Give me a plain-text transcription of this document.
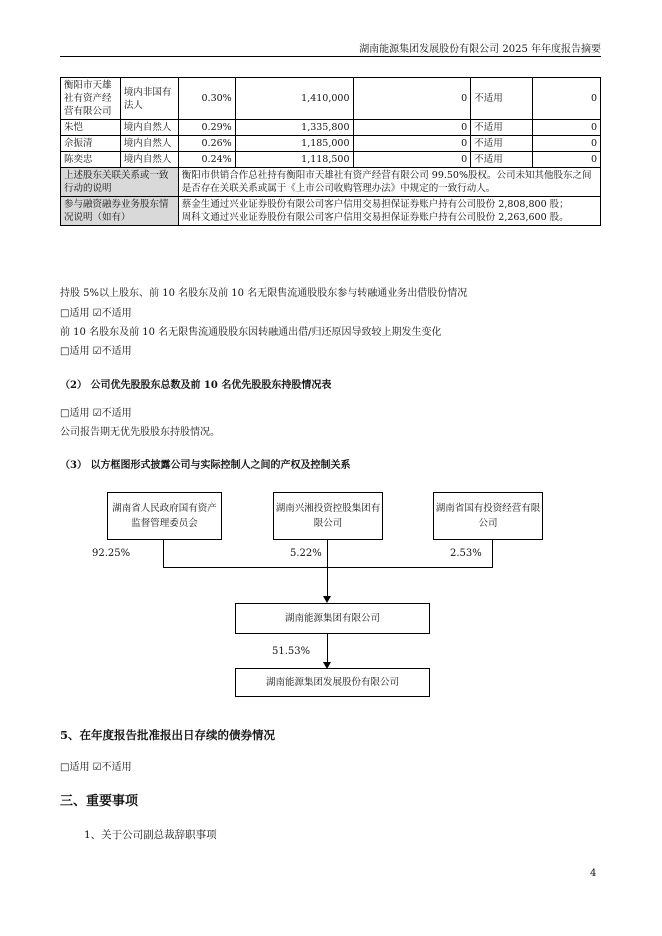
湖南能源集团发展股份有限公司 2025 年年度报告摘要
衡阳市天雄社有资产经营有限公司	境内非国有法人	0.30%	1,410,000	0	不适用	0
朱恺	境内自然人	0.29%	1,335,800	0	不适用	0
佘振清	境内自然人	0.26%	1,185,000	0	不适用	0
陈奕忠	境内自然人	0.24%	1,118,500	0	不适用	0
上述股东关联关系或一致行动的说明		衡阳市供销合作总社持有衡阳市天雄社有资产经营有限公司 99.50%股权。公司未知其他股东之间是否存在关联关系或属于《上市公司收购管理办法》中规定的一致行动人。				
参与融资融券业务股东情况说明（如有）		蔡金生通过兴业证券股份有限公司客户信用交易担保证券账户持有公司股份 2,808,800 股；
周科文通过兴业证券股份有限公司客户信用交易担保证券账户持有公司股份 2,263,600 股。				
持股 5%以上股东、前 10 名股东及前 10 名无限售流通股股东参与转融通业务出借股份情况
□适用 ☑不适用
前 10 名股东及前 10 名无限售流通股股东因转融通出借/归还原因导致较上期发生变化
□适用 ☑不适用
（2） 公司优先股股东总数及前 10 名优先股股东持股情况表
□适用 ☑不适用
公司报告期无优先股股东持股情况。
（3） 以方框图形式披露公司与实际控制人之间的产权及控制关系
湖南省人民政府国有资产监督管理委员会
湖南兴湘投资控股集团有限公司
湖南省国有投资经营有限公司
92.25%	5.22%	2.53%
湖南能源集团有限公司
51.53%
湖南能源集团发展股份有限公司
5、在年度报告批准报出日存续的债券情况
□适用 ☑不适用
三、重要事项
1、关于公司副总裁辞职事项
4
